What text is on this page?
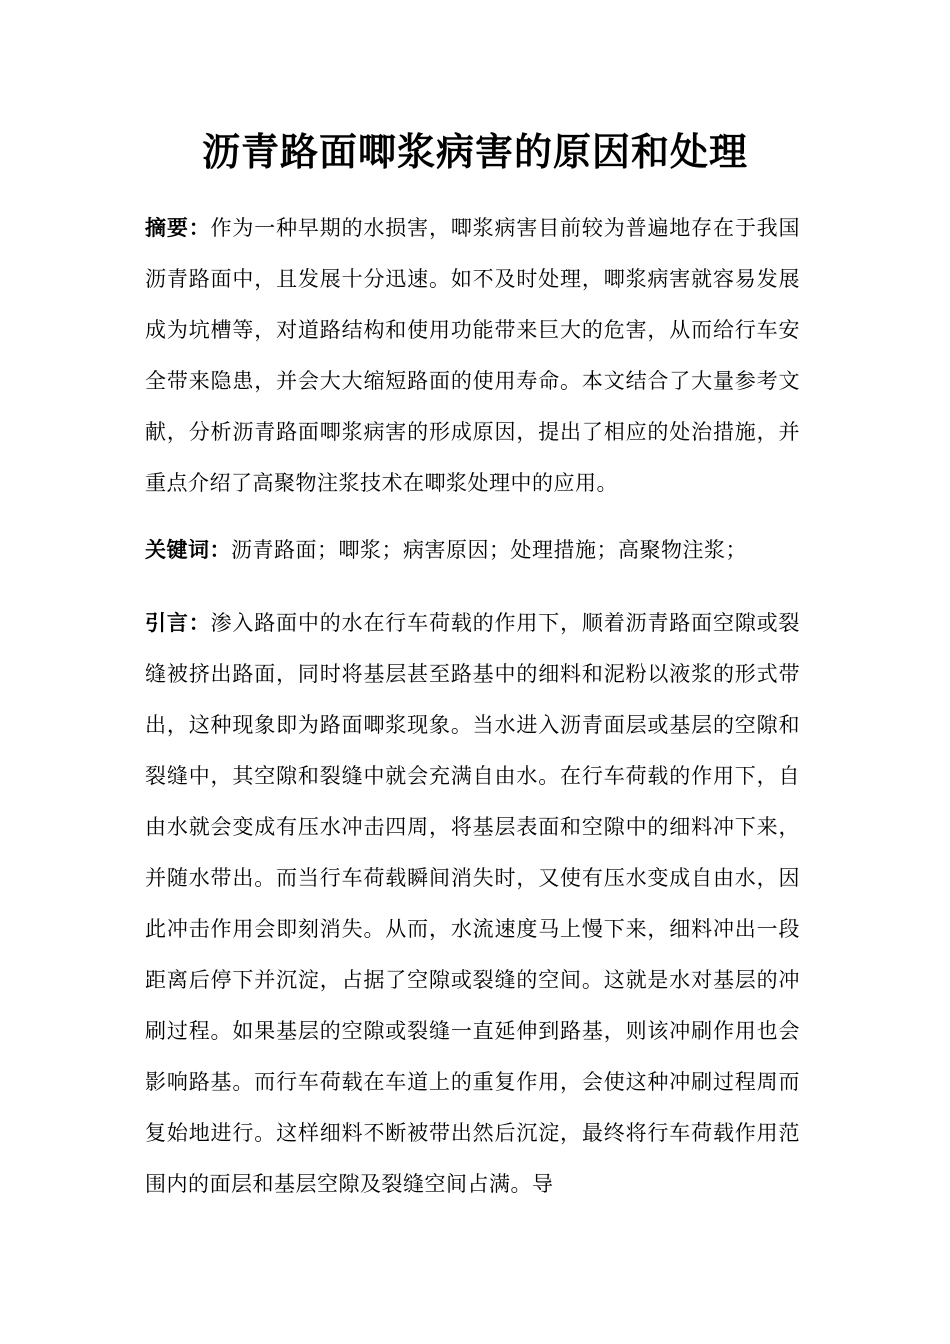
沥青路面唧浆病害的原因和处理

摘要：作为一种早期的水损害，唧浆病害目前较为普遍地存在于我国沥青路面中，且发展十分迅速。如不及时处理，唧浆病害就容易发展成为坑槽等，对道路结构和使用功能带来巨大的危害，从而给行车安全带来隐患，并会大大缩短路面的使用寿命。本文结合了大量参考文献，分析沥青路面唧浆病害的形成原因，提出了相应的处治措施，并重点介绍了高聚物注浆技术在唧浆处理中的应用。

关键词：沥青路面；唧浆；病害原因；处理措施；高聚物注浆；

引言：渗入路面中的水在行车荷载的作用下，顺着沥青路面空隙或裂缝被挤出路面，同时将基层甚至路基中的细料和泥粉以液浆的形式带出，这种现象即为路面唧浆现象。当水进入沥青面层或基层的空隙和裂缝中，其空隙和裂缝中就会充满自由水。在行车荷载的作用下，自由水就会变成有压水冲击四周，将基层表面和空隙中的细料冲下来，并随水带出。而当行车荷载瞬间消失时，又使有压水变成自由水，因此冲击作用会即刻消失。从而，水流速度马上慢下来，细料冲出一段距离后停下并沉淀，占据了空隙或裂缝的空间。这就是水对基层的冲刷过程。如果基层的空隙或裂缝一直延伸到路基，则该冲刷作用也会影响路基。而行车荷载在车道上的重复作用，会使这种冲刷过程周而复始地进行。这样细料不断被带出然后沉淀，最终将行车荷载作用范围内的面层和基层空隙及裂缝空间占满。导
